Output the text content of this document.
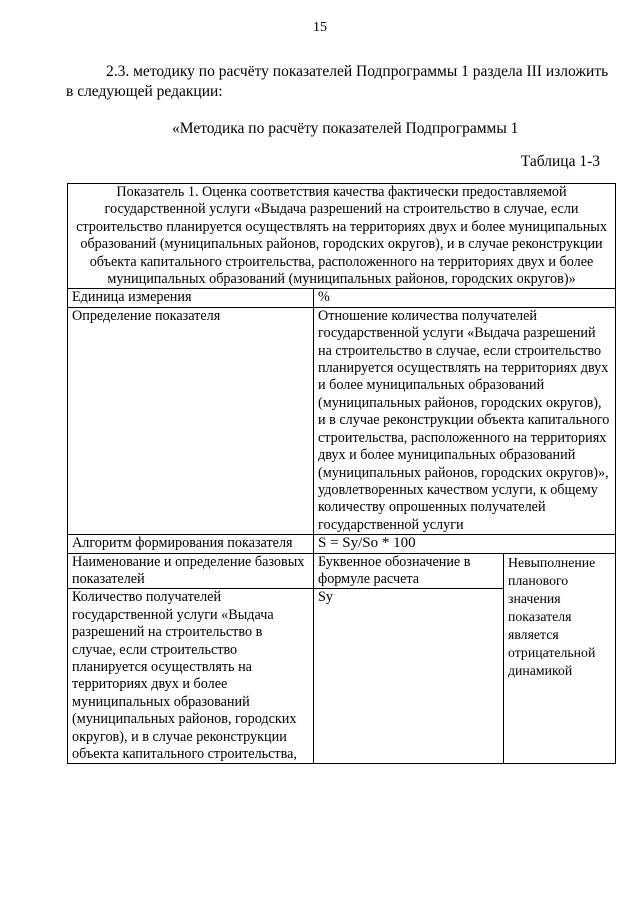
15

2.3. методику по расчёту показателей Подпрограммы 1 раздела III изложить в следующей редакции:

«Методика по расчёту показателей Подпрограммы 1

Таблица 1-3

Показатель 1. Оценка соответствия качества фактически предоставляемой государственной услуги «Выдача разрешений на строительство в случае, если строительство планируется осуществлять на территориях двух и более муниципальных образований (муниципальных районов, городских округов), и в случае реконструкции объекта капитального строительства, расположенного на территориях двух и более муниципальных образований (муниципальных районов, городских округов)»		
Единица измерения	%	
Определение показателя	Отношение количества получателей государственной услуги «Выдача разрешений на строительство в случае, если строительство планируется осуществлять на территориях двух и более муниципальных образований (муниципальных районов, городских округов), и в случае реконструкции объекта капитального строительства, расположенного на территориях двух и более муниципальных образований (муниципальных районов, городских округов)», удовлетворенных качеством услуги, к общему количеству опрошенных получателей государственной услуги	
Алгоритм формирования показателя	S = Sy/So * 100	
Наименование и определение базовых показателей	Буквенное обозначение в формуле расчета	Невыполнение планового значения показателя является отрицательной динамикой
Количество получателей государственной услуги «Выдача разрешений на строительство в случае, если строительство планируется осуществлять на территориях двух и более муниципальных образований (муниципальных районов, городских округов), и в случае реконструкции объекта капитального строительства,	Sy	
